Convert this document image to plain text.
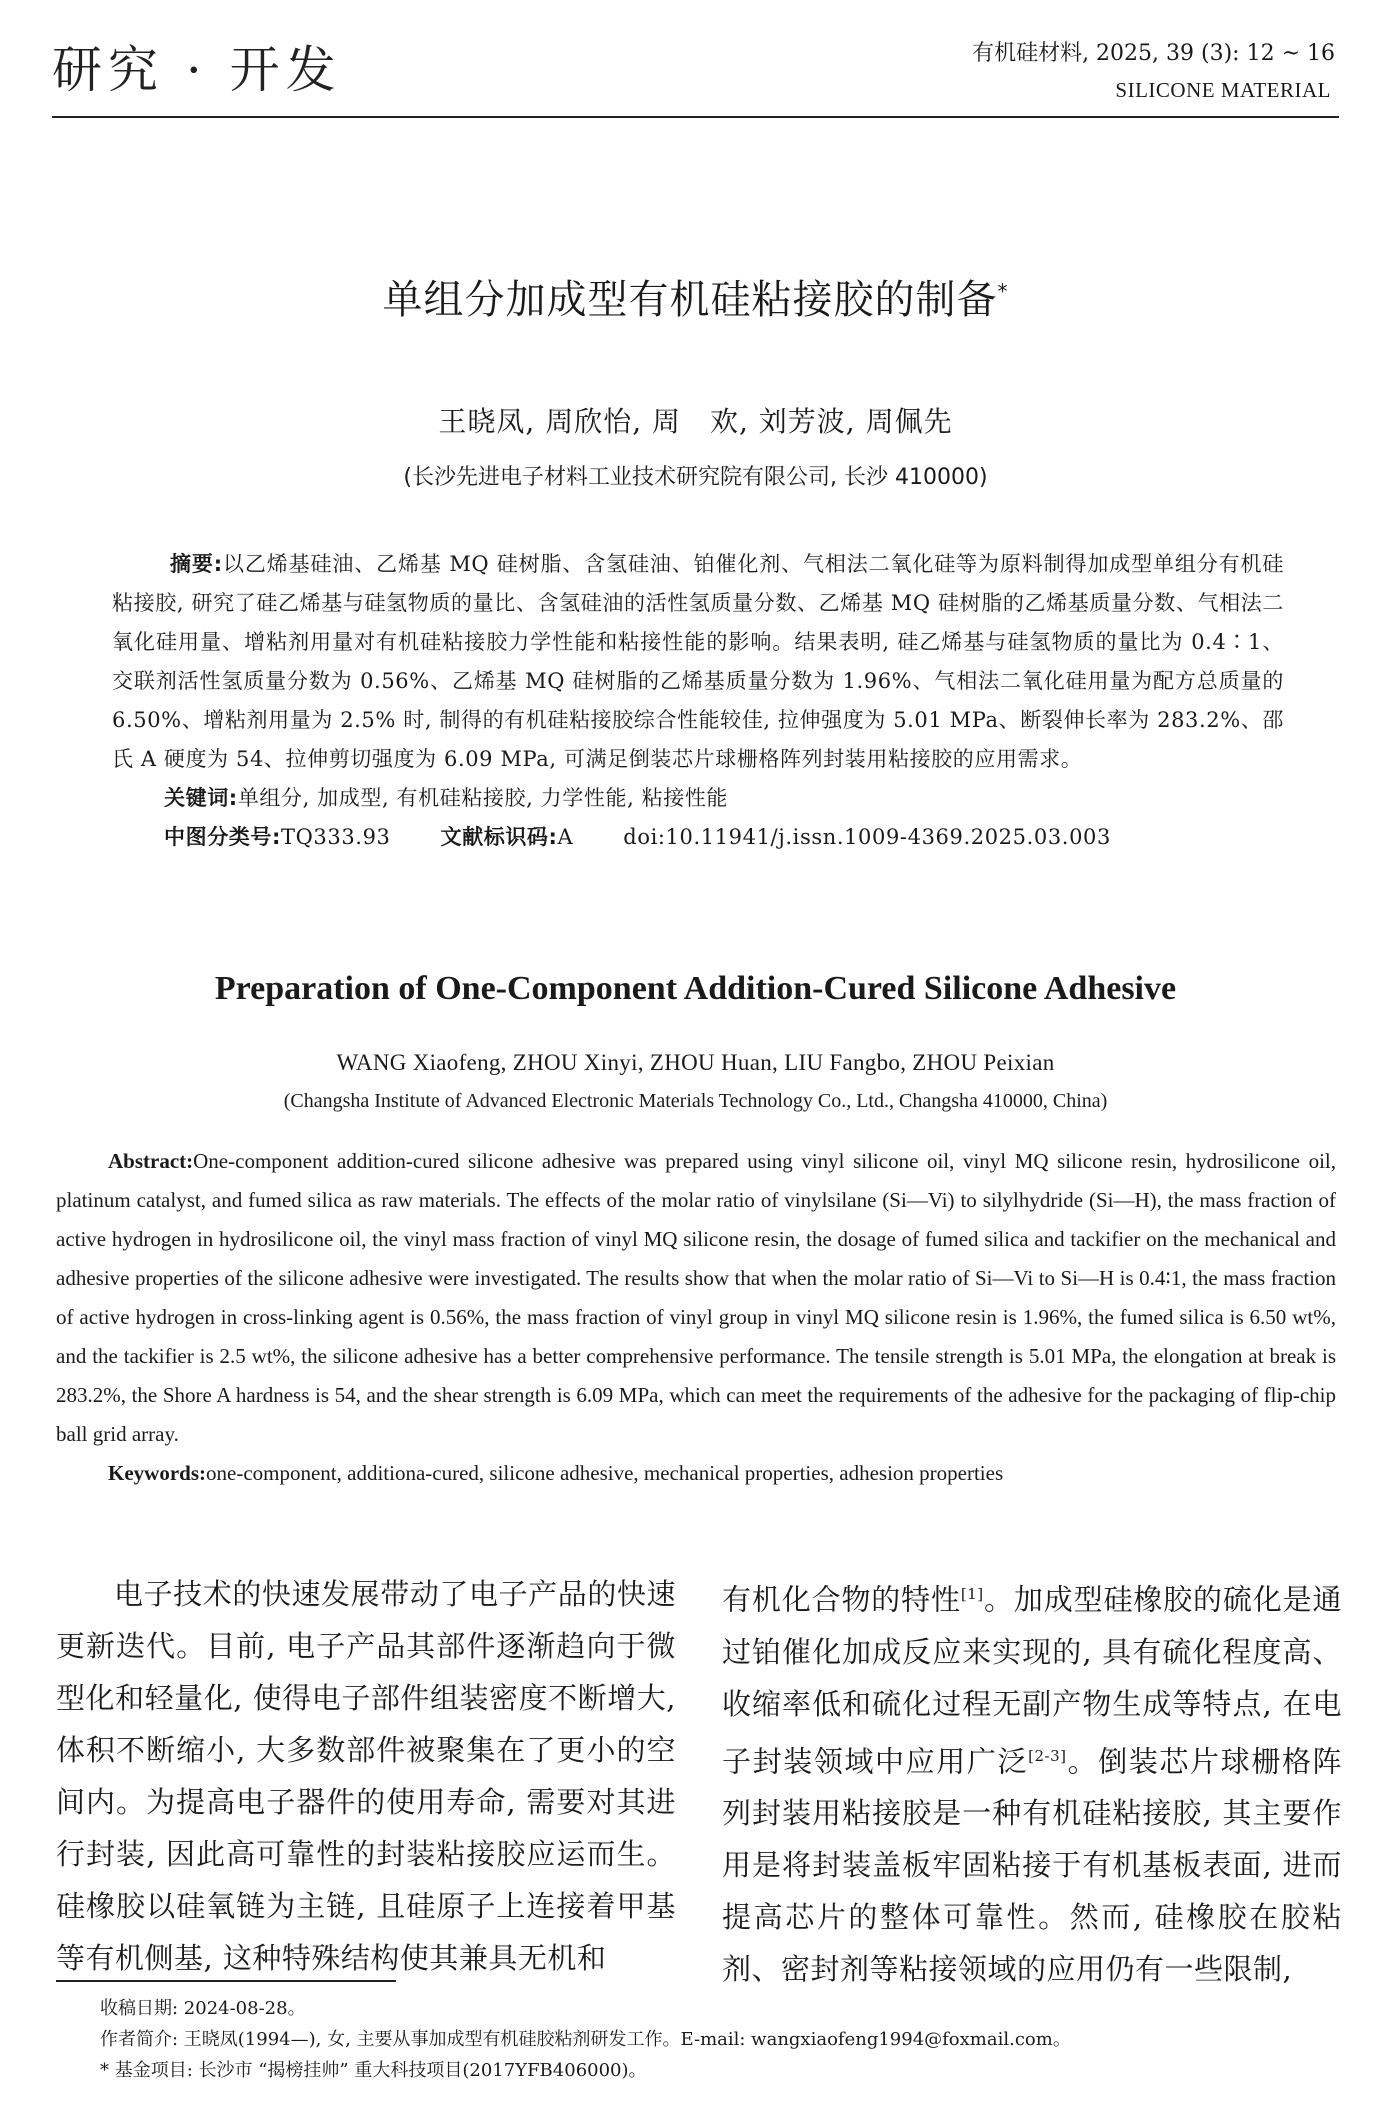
研究 · 开发	有机硅材料, 2025, 39 (3): 12 ~ 16
SILICONE MATERIAL
单组分加成型有机硅粘接胶的制备*
王晓凤, 周欣怡, 周　欢, 刘芳波, 周佩先
(长沙先进电子材料工业技术研究院有限公司, 长沙 410000)

摘要:以乙烯基硅油、乙烯基 MQ 硅树脂、含氢硅油、铂催化剂、气相法二氧化硅等为原料制得加成型单组分有机硅粘接胶, 研究了硅乙烯基与硅氢物质的量比、含氢硅油的活性氢质量分数、乙烯基 MQ 硅树脂的乙烯基质量分数、气相法二氧化硅用量、增粘剂用量对有机硅粘接胶力学性能和粘接性能的影响。结果表明, 硅乙烯基与硅氢物质的量比为 0.4∶1、交联剂活性氢质量分数为 0.56%、乙烯基 MQ 硅树脂的乙烯基质量分数为 1.96%、气相法二氧化硅用量为配方总质量的 6.50%、增粘剂用量为 2.5% 时, 制得的有机硅粘接胶综合性能较佳, 拉伸强度为 5.01 MPa、断裂伸长率为 283.2%、邵氏 A 硬度为 54、拉伸剪切强度为 6.09 MPa, 可满足倒装芯片球栅格阵列封装用粘接胶的应用需求。

关键词:单组分, 加成型, 有机硅粘接胶, 力学性能, 粘接性能

中图分类号:TQ333.93 文献标识码:A doi:10.11941/j.issn.1009-4369.2025.03.003

Preparation of One-Component Addition-Cured Silicone Adhesive
WANG Xiaofeng, ZHOU Xinyi, ZHOU Huan, LIU Fangbo, ZHOU Peixian
(Changsha Institute of Advanced Electronic Materials Technology Co., Ltd., Changsha 410000, China)

Abstract:One-component addition-cured silicone adhesive was prepared using vinyl silicone oil, vinyl MQ silicone resin, hydrosilicone oil, platinum catalyst, and fumed silica as raw materials. The effects of the molar ratio of vinylsilane (Si—Vi) to silylhydride (Si—H), the mass fraction of active hydrogen in hydrosilicone oil, the vinyl mass fraction of vinyl MQ silicone resin, the dosage of fumed silica and tackifier on the mechanical and adhesive properties of the silicone adhesive were investigated. The results show that when the molar ratio of Si—Vi to Si—H is 0.4∶1, the mass fraction of active hydrogen in cross-linking agent is 0.56%, the mass fraction of vinyl group in vinyl MQ silicone resin is 1.96%, the fumed silica is 6.50 wt%, and the tackifier is 2.5 wt%, the silicone adhesive has a better comprehensive performance. The tensile strength is 5.01 MPa, the elongation at break is 283.2%, the Shore A hardness is 54, and the shear strength is 6.09 MPa, which can meet the requirements of the adhesive for the packaging of flip-chip ball grid array.

Keywords:one-component, additiona-cured, silicone adhesive, mechanical properties, adhesion properties

电子技术的快速发展带动了电子产品的快速更新迭代。目前, 电子产品其部件逐渐趋向于微型化和轻量化, 使得电子部件组装密度不断增大, 体积不断缩小, 大多数部件被聚集在了更小的空间内。为提高电子器件的使用寿命, 需要对其进行封装, 因此高可靠性的封装粘接胶应运而生。硅橡胶以硅氧链为主链, 且硅原子上连接着甲基等有机侧基, 这种特殊结构使其兼具无机和

有机化合物的特性[1]。加成型硅橡胶的硫化是通过铂催化加成反应来实现的, 具有硫化程度高、收缩率低和硫化过程无副产物生成等特点, 在电子封装领域中应用广泛[2-3]。倒装芯片球栅格阵列封装用粘接胶是一种有机硅粘接胶, 其主要作用是将封装盖板牢固粘接于有机基板表面, 进而提高芯片的整体可靠性。然而, 硅橡胶在胶粘剂、密封剂等粘接领域的应用仍有一些限制,

收稿日期: 2024-08-28。

作者简介: 王晓凤(1994—), 女, 主要从事加成型有机硅胶粘剂研发工作。E-mail: wangxiaofeng1994@foxmail.com。

* 基金项目: 长沙市 “揭榜挂帅” 重大科技项目(2017YFB406000)。
